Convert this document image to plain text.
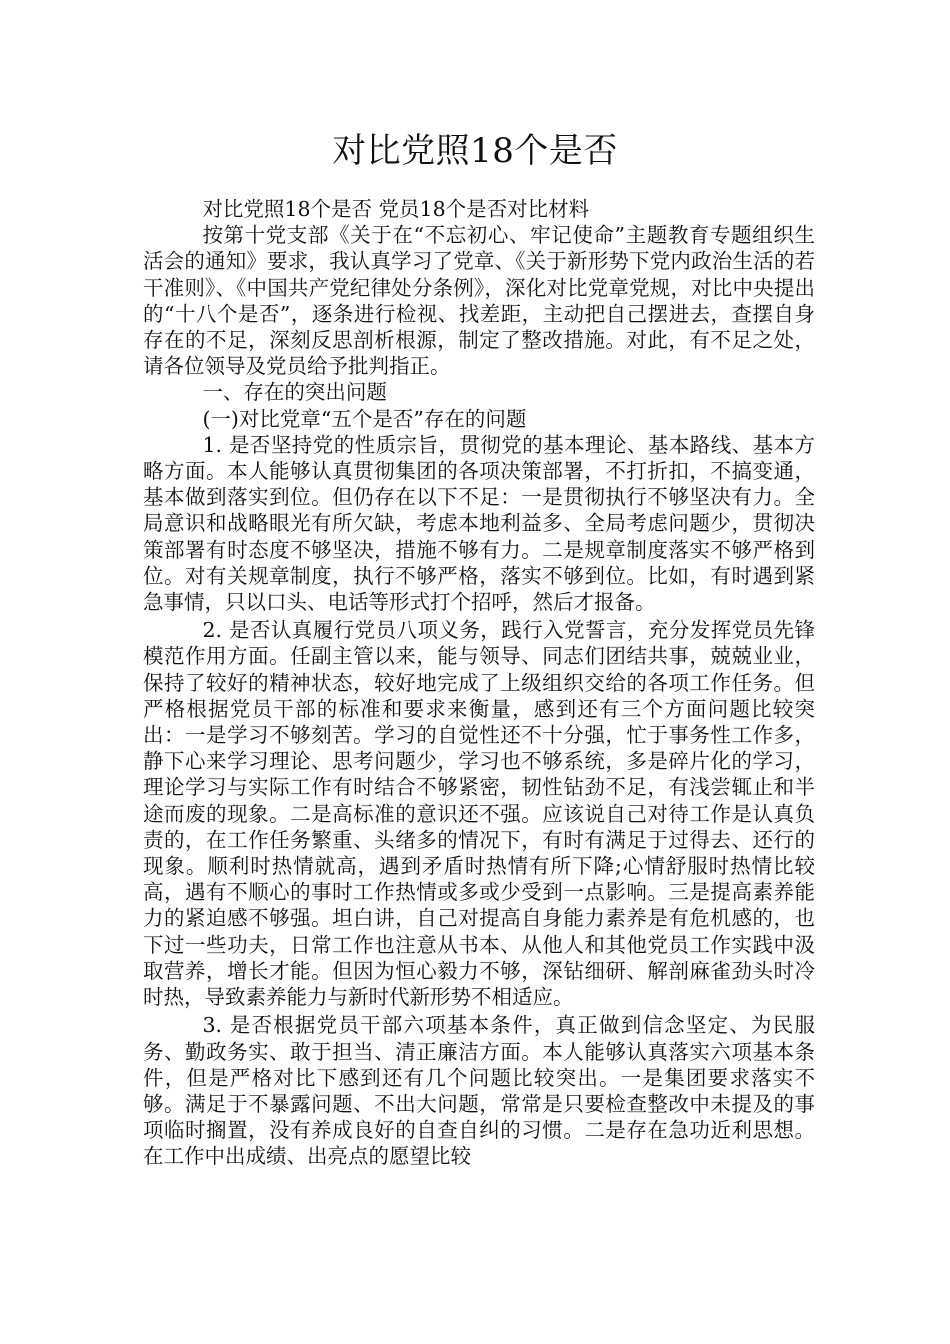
对比党照18个是否

对比党照18个是否 党员18个是否对比材料

按第十党支部《关于在“不忘初心、牢记使命”主题教育专题组织生活会的通知》要求，我认真学习了党章、《关于新形势下党内政治生活的若干准则》、《中国共产党纪律处分条例》，深化对比党章党规，对比中央提出的“十八个是否”，逐条进行检视、找差距，主动把自己摆进去，查摆自身存在的不足，深刻反思剖析根源，制定了整改措施。对此，有不足之处，请各位领导及党员给予批判指正。

一、存在的突出问题

(一)对比党章“五个是否”存在的问题

1. 是否坚持党的性质宗旨，贯彻党的基本理论、基本路线、基本方略方面。本人能够认真贯彻集团的各项决策部署，不打折扣，不搞变通，基本做到落实到位。但仍存在以下不足：一是贯彻执行不够坚决有力。全局意识和战略眼光有所欠缺，考虑本地利益多、全局考虑问题少，贯彻决策部署有时态度不够坚决，措施不够有力。二是规章制度落实不够严格到位。对有关规章制度，执行不够严格，落实不够到位。比如，有时遇到紧急事情，只以口头、电话等形式打个招呼，然后才报备。

2. 是否认真履行党员八项义务，践行入党誓言，充分发挥党员先锋模范作用方面。任副主管以来，能与领导、同志们团结共事，兢兢业业，保持了较好的精神状态，较好地完成了上级组织交给的各项工作任务。但严格根据党员干部的标准和要求来衡量，感到还有三个方面问题比较突出：一是学习不够刻苦。学习的自觉性还不十分强，忙于事务性工作多，静下心来学习理论、思考问题少，学习也不够系统，多是碎片化的学习，理论学习与实际工作有时结合不够紧密，韧性钻劲不足，有浅尝辄止和半途而废的现象。二是高标准的意识还不强。应该说自己对待工作是认真负责的，在工作任务繁重、头绪多的情况下，有时有满足于过得去、还行的现象。顺利时热情就高，遇到矛盾时热情有所下降;心情舒服时热情比较高，遇有不顺心的事时工作热情或多或少受到一点影响。三是提高素养能力的紧迫感不够强。坦白讲，自己对提高自身能力素养是有危机感的，也下过一些功夫，日常工作也注意从书本、从他人和其他党员工作实践中汲取营养，增长才能。但因为恒心毅力不够，深钻细研、解剖麻雀劲头时冷时热，导致素养能力与新时代新形势不相适应。

3. 是否根据党员干部六项基本条件，真正做到信念坚定、为民服务、勤政务实、敢于担当、清正廉洁方面。本人能够认真落实六项基本条件，但是严格对比下感到还有几个问题比较突出。一是集团要求落实不够。满足于不暴露问题、不出大问题，常常是只要检查整改中未提及的事项临时搁置，没有养成良好的自查自纠的习惯。二是存在急功近利思想。在工作中出成绩、出亮点的愿望比较
